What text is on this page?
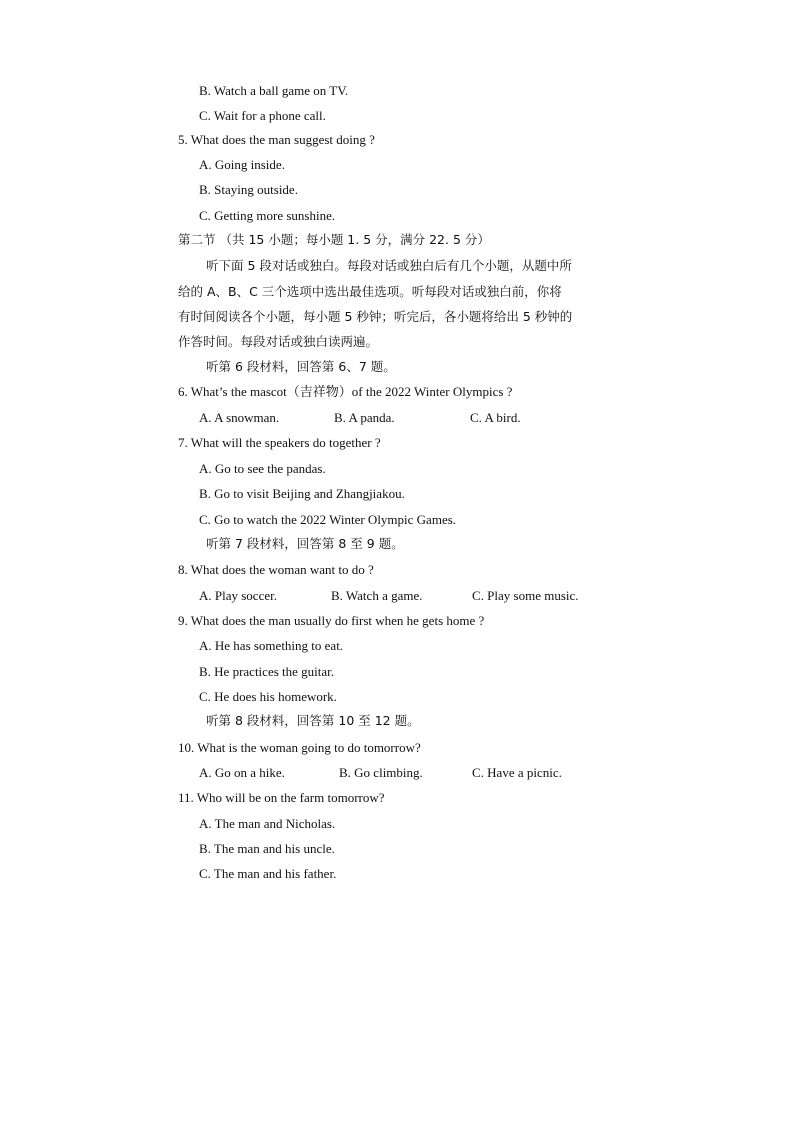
B. Watch a ball game on TV.
C. Wait for a phone call.
5. What does the man suggest doing ?
A. Going inside.
B. Staying outside.
C. Getting more sunshine.
第二节 （共 15 小题；每小题 1. 5 分，满分 22. 5 分）
听下面 5 段对话或独白。每段对话或独白后有几个小题，从题中所
给的 A、B、C 三个选项中选出最佳选项。听每段对话或独白前，你将
有时间阅读各个小题，每小题 5 秒钟；听完后，各小题将给出 5 秒钟的
作答时间。每段对话或独白读两遍。
听第 6 段材料，回答第 6、7 题。
6. What’s the mascot（吉祥物）of the 2022 Winter Olympics ?
A. A snowman.	B. A panda.	C. A bird.
7. What will the speakers do together ?
A. Go to see the pandas.
B. Go to visit Beijing and Zhangjiakou.
C. Go to watch the 2022 Winter Olympic Games.
听第 7 段材料，回答第 8 至 9 题。
8. What does the woman want to do ?
A. Play soccer.	B. Watch a game.	C. Play some music.
9. What does the man usually do first when he gets home ?
A. He has something to eat.
B. He practices the guitar.
C. He does his homework.
听第 8 段材料，回答第 10 至 12 题。
10. What is the woman going to do tomorrow?
A. Go on a hike.	B. Go climbing.	C. Have a picnic.
11. Who will be on the farm tomorrow?
A. The man and Nicholas.
B. The man and his uncle.
C. The man and his father.
